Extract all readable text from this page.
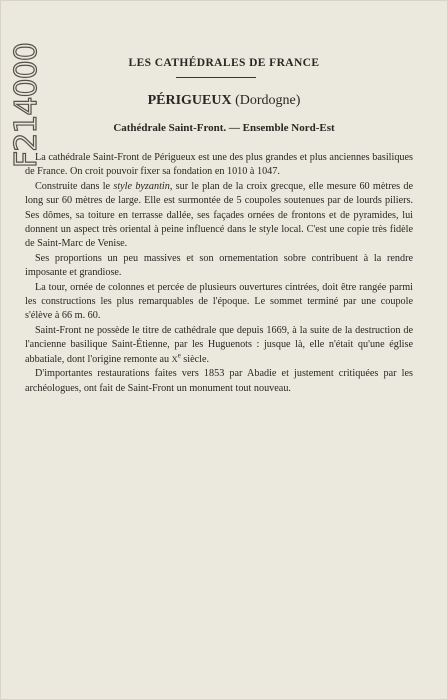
F214000	LES CATHÉDRALES DE FRANCE
PÉRIGUEUX (Dordogne)
Cathédrale Saint-Front. — Ensemble Nord-Est

La cathédrale Saint-Front de Périgueux est une des plus grandes et plus anciennes basiliques de France. On croit pouvoir fixer sa fondation en 1010 à 1047.

Construite dans le style byzantin, sur le plan de la croix grecque, elle mesure 60 mètres de long sur 60 mètres de large. Elle est surmontée de 5 coupoles soutenues par de lourds piliers. Ses dômes, sa toiture en terrasse dallée, ses façades ornées de frontons et de pyramides, lui donnent un aspect très oriental à peine influencé dans le style local. C'est une copie très fidèle de Saint-Marc de Venise.

Ses proportions un peu massives et son ornementation sobre contribuent à la rendre imposante et grandiose.

La tour, ornée de colonnes et percée de plusieurs ouvertures cintrées, doit être rangée parmi les constructions les plus remarquables de l'époque. Le sommet terminé par une coupole s'élève à 66 m. 60.

Saint-Front ne possède le titre de cathédrale que depuis 1669, à la suite de la destruction de l'ancienne basilique Saint-Étienne, par les Huguenots : jusque là, elle n'était qu'une église abbatiale, dont l'origine remonte au Xe siècle.

D'importantes restaurations faites vers 1853 par Abadie et justement critiquées par les archéologues, ont fait de Saint-Front un monument tout nouveau.
